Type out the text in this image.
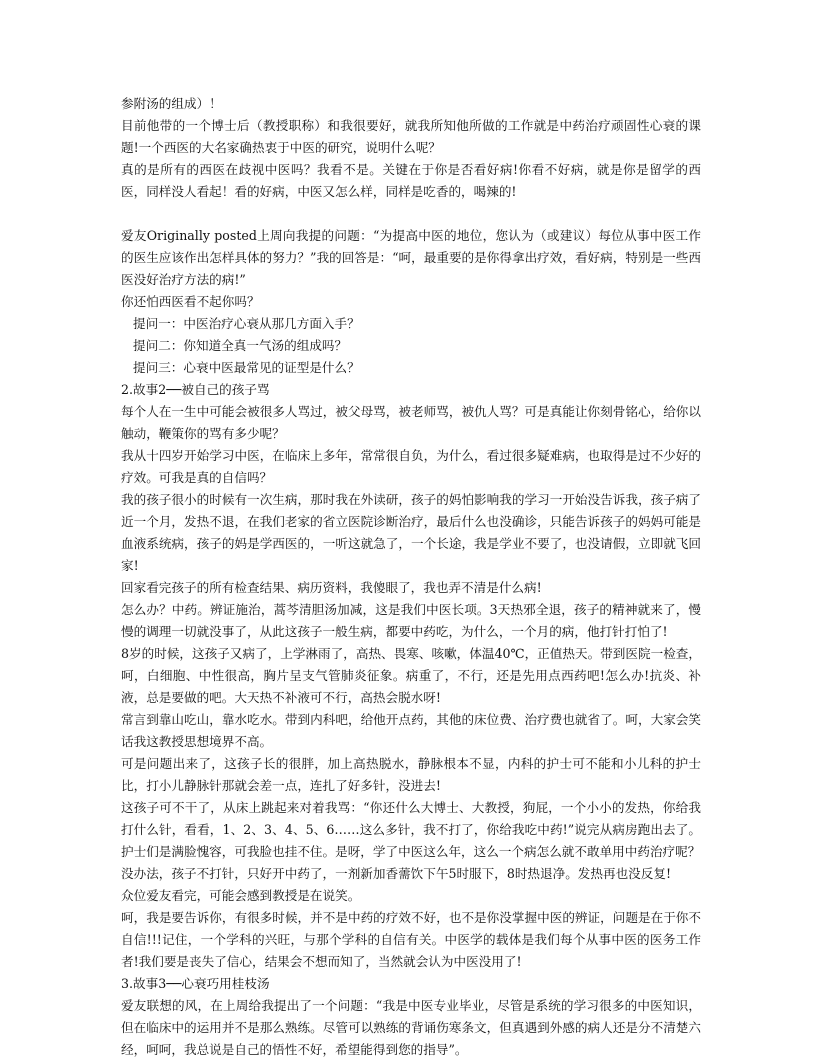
参附汤的组成）！

目前他带的一个博士后（教授职称）和我很要好，就我所知他所做的工作就是中药治疗顽固性心衰的课题!一个西医的大名家确热衷于中医的研究，说明什么呢？

真的是所有的西医在歧视中医吗？我看不是。关键在于你是否看好病!你看不好病，就是你是留学的西医，同样没人看起！看的好病，中医又怎么样，同样是吃香的，喝辣的!

爱友Originally posted上周向我提的问题：“为提高中医的地位，您认为（或建议）每位从事中医工作的医生应该作出怎样具体的努力？”我的回答是：“呵，最重要的是你得拿出疗效，看好病，特别是一些西医没好治疗方法的病!”

你还怕西医看不起你吗？

提问一：中医治疗心衰从那几方面入手？

提问二：你知道全真一气汤的组成吗？

提问三：心衰中医最常见的证型是什么？

2.故事2──被自己的孩子骂

每个人在一生中可能会被很多人骂过，被父母骂，被老师骂，被仇人骂？可是真能让你刻骨铭心，给你以触动，鞭策你的骂有多少呢？

我从十四岁开始学习中医，在临床上多年，常常很自负，为什么，看过很多疑难病，也取得是过不少好的疗效。可我是真的自信吗？

我的孩子很小的时候有一次生病，那时我在外读研，孩子的妈怕影响我的学习一开始没告诉我，孩子病了近一个月，发热不退，在我们老家的省立医院诊断治疗，最后什么也没确诊，只能告诉孩子的妈妈可能是血液系统病，孩子的妈是学西医的，一听这就急了，一个长途，我是学业不要了，也没请假，立即就飞回家!

回家看完孩子的所有检查结果、病历资料，我傻眼了，我也弄不清是什么病!

怎么办？中药。辨证施治，蒿芩清胆汤加减，这是我们中医长项。3天热邪全退，孩子的精神就来了，慢慢的调理一切就没事了，从此这孩子一般生病，都要中药吃，为什么，一个月的病，他打针打怕了!

8岁的时候，这孩子又病了，上学淋雨了，高热、畏寒、咳嗽，体温40℃，正值热天。带到医院一检查，呵，白细胞、中性很高，胸片呈支气管肺炎征象。病重了，不行，还是先用点西药吧!怎么办!抗炎、补液，总是要做的吧。大天热不补液可不行，高热会脱水呀!

常言到靠山吃山，靠水吃水。带到内科吧，给他开点药，其他的床位费、治疗费也就省了。呵，大家会笑话我这教授思想境界不高。

可是问题出来了，这孩子长的很胖，加上高热脱水，静脉根本不显，内科的护士可不能和小儿科的护士比，打小儿静脉针那就会差一点，连扎了好多针，没进去!

这孩子可不干了，从床上跳起来对着我骂：“你还什么大博士、大教授，狗屁，一个小小的发热，你给我打什么针，看看，1、2、3、4、5、6……这么多针，我不打了，你给我吃中药!”说完从病房跑出去了。护士们是满脸愧容，可我脸也挂不住。是呀，学了中医这么年，这么一个病怎么就不敢单用中药治疗呢？

没办法，孩子不打针，只好开中药了，一剂新加香薷饮下午5时服下，8时热退净。发热再也没反复!

众位爱友看完，可能会感到教授是在说笑。

呵，我是要告诉你，有很多时候，并不是中药的疗效不好，也不是你没掌握中医的辨证，问题是在于你不自信!!!记住，一个学科的兴旺，与那个学科的自信有关。中医学的载体是我们每个从事中医的医务工作者!我们要是丧失了信心，结果会不想而知了，当然就会认为中医没用了!

3.故事3──心衰巧用桂枝汤

爱友联想的风，在上周给我提出了一个问题：“我是中医专业毕业，尽管是系统的学习很多的中医知识，但在临床中的运用并不是那么熟练。尽管可以熟练的背诵伤寒条文，但真遇到外感的病人还是分不清楚六经，呵呵，我总说是自己的悟性不好，希望能得到您的指导”。
